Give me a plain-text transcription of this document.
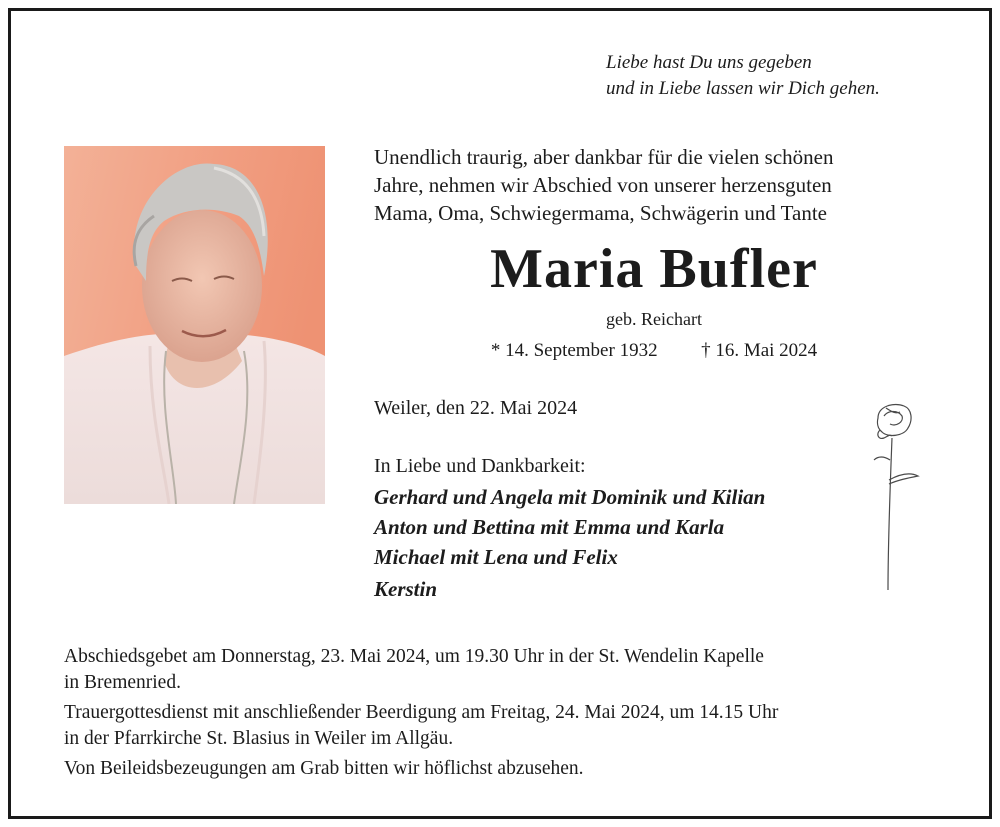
Liebe hast Du uns gegeben
und in Liebe lassen wir Dich gehen.
Unendlich traurig, aber dankbar für die vielen schönen
Jahre, nehmen wir Abschied von unserer herzensguten
Mama, Oma, Schwiegermama, Schwägerin und Tante
Maria Bufler
geb. Reichart
* 14. September 1932 † 16. Mai 2024
Weiler, den 22. Mai 2024
In Liebe und Dankbarkeit:
Gerhard und Angela mit Dominik und Kilian
Anton und Bettina mit Emma und Karla
Michael mit Lena und Felix
Kerstin

Abschiedsgebet am Donnerstag, 23. Mai 2024, um 19.30 Uhr in der St. Wendelin Kapelle
in Bremenried.

Trauergottesdienst mit anschließender Beerdigung am Freitag, 24. Mai 2024, um 14.15 Uhr
in der Pfarrkirche St. Blasius in Weiler im Allgäu.

Von Beileidsbezeugungen am Grab bitten wir höflichst abzusehen.
